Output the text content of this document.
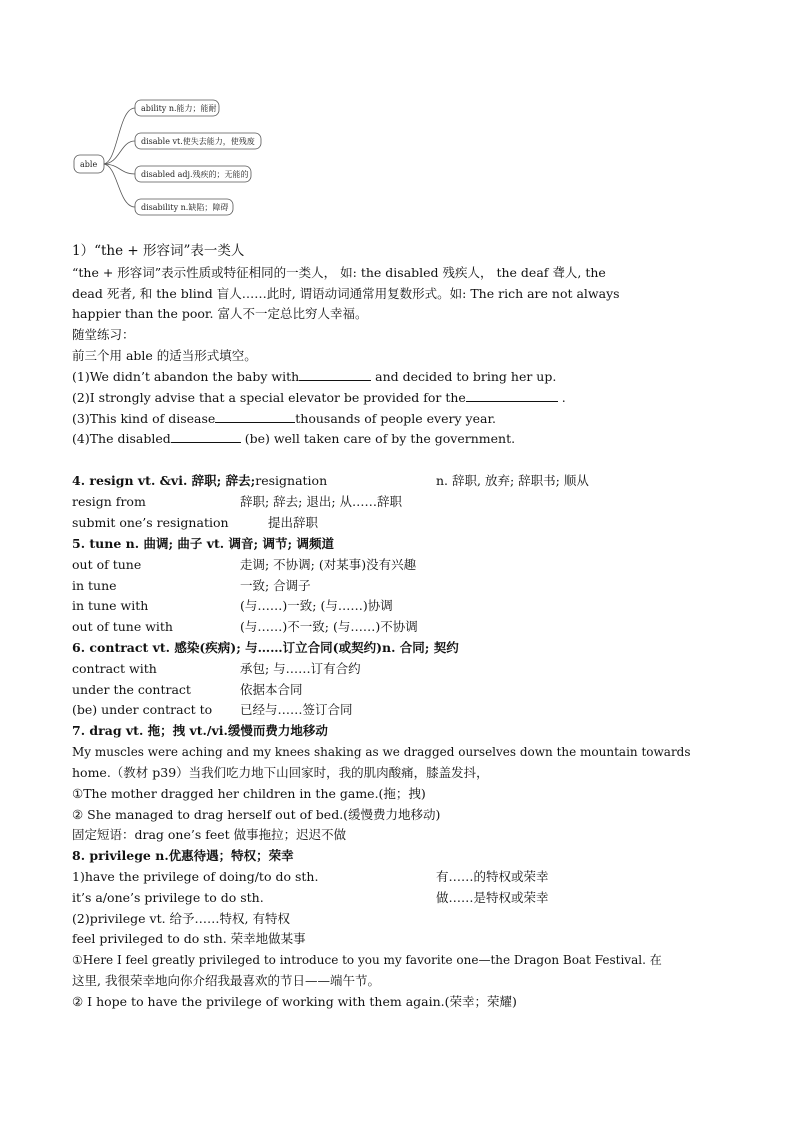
able
ability n.能力；能耐
disable vt.使失去能力，使残废
disabled adj.残疾的；无能的
disability n.缺陷；障碍
1）“the + 形容词”表一类人
“the + 形容词”表示性质或特征相同的一类人， 如: the disabled 残疾人， the deaf 聋人, the
dead 死者, 和 the blind 盲人……此时, 谓语动词通常用复数形式。如: The rich are not always
happier than the poor. 富人不一定总比穷人幸福。
随堂练习：
前三个用 able 的适当形式填空。
(1)We didn’t abandon the baby with	and decided to bring her up.
(2)I strongly advise that a special elevator be provided for the	.
(3)This kind of disease	thousands of people every year.
(4)The disabled	(be) well taken care of by the government.
4. resign vt. &vi. 辞职; 辞去;resignation	n. 辞职, 放弃; 辞职书; 顺从
resign from	辞职; 辞去; 退出; 从……辞职
submit one’s resignation	提出辞职
5. tune n. 曲调; 曲子 vt. 调音; 调节; 调频道
out of tune	走调; 不协调; (对某事)没有兴趣
in tune	一致; 合调子
in tune with	(与……)一致; (与……)协调
out of tune with	(与……)不一致; (与……)不协调
6. contract vt. 感染(疾病); 与……订立合同(或契约)n. 合同; 契约
contract with	承包; 与……订有合约
under the contract	依据本合同
(be) under contract to 已经与……签订合同
7. drag vt. 拖；拽 vt./vi.缓慢而费力地移动
My muscles were aching and my knees shaking as we dragged ourselves down the mountain towards
home.（教材 p39）当我们吃力地下山回家时，我的肌肉酸痛，膝盖发抖，
①The mother dragged her children in the game.(拖；拽)
② She managed to drag herself out of bed.(缓慢费力地移动)
固定短语：drag one’s feet 做事拖拉；迟迟不做
8. privilege n.优惠待遇；特权；荣幸
1)have the privilege of doing/to do sth.	有……的特权或荣幸
it’s a/one’s privilege to do sth.	做……是特权或荣幸
(2)privilege vt. 给予……特权, 有特权
feel privileged to do sth. 荣幸地做某事
①Here I feel greatly privileged to introduce to you my favorite one—the Dragon Boat Festival. 在
这里, 我很荣幸地向你介绍我最喜欢的节日——端午节。
② I hope to have the privilege of working with them again.(荣幸；荣耀)
